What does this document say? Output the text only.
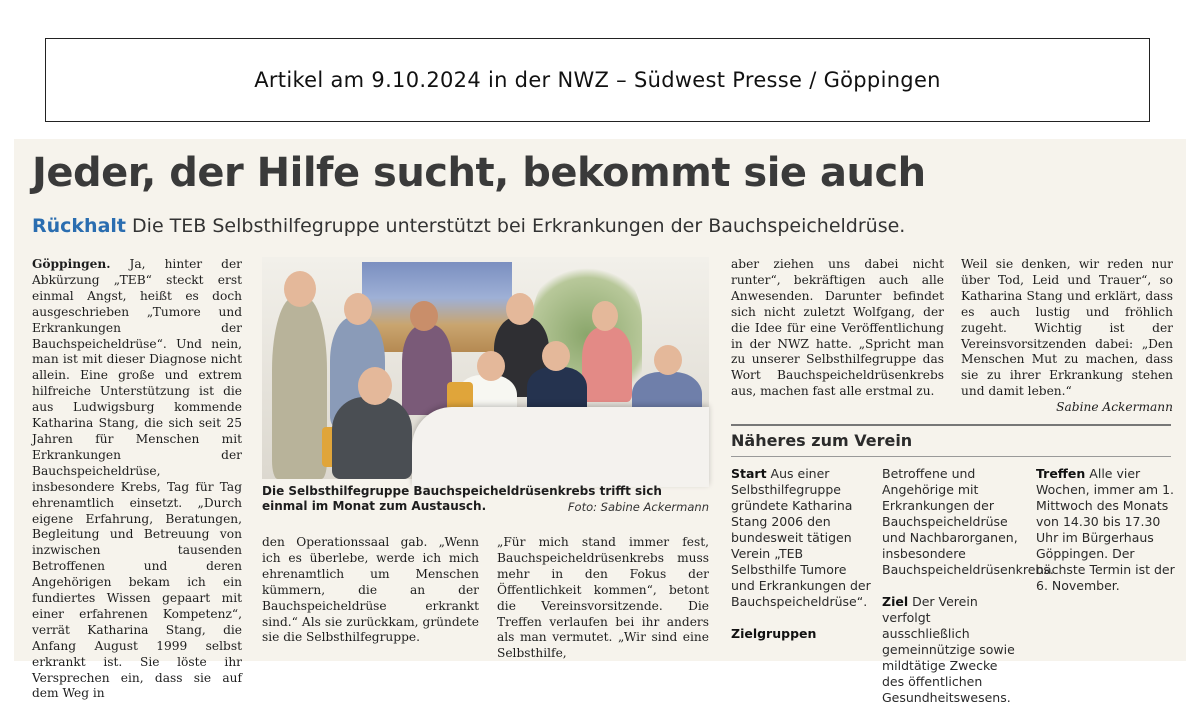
Artikel am 9.10.2024 in der NWZ – Südwest Presse / Göppingen
Jeder, der Hilfe sucht, bekommt sie auch
Rückhalt Die TEB Selbsthilfegruppe unterstützt bei Erkrankungen der Bauchspeicheldrüse.

Göppingen. Ja, hinter der Abkürzung „TEB“ steckt erst einmal Angst, heißt es doch ausgeschrieben „Tumore und Erkrankungen der Bauchspeicheldrüse“. Und nein, man ist mit dieser Diagnose nicht allein. Eine große und extrem hilfreiche Unterstützung ist die aus Ludwigsburg kommende Katharina Stang, die sich seit 25 Jahren für Menschen mit Erkrankungen der Bauchspeicheldrüse, insbesondere Krebs, Tag für Tag ehrenamtlich einsetzt. „Durch eigene Erfahrung, Beratungen, Begleitung und Betreuung von inzwischen tausenden Betroffenen und deren Angehörigen bekam ich ein fundiertes Wissen gepaart mit einer erfahrenen Kompetenz“, verrät Katharina Stang, die Anfang August 1999 selbst erkrankt ist. Sie löste ihr Versprechen ein, dass sie auf dem Weg in

Die Selbsthilfegruppe Bauchspeicheldrüsenkrebs trifft sich einmal im Monat zum Austausch.	Foto: Sabine Ackermann

den Operationssaal gab. „Wenn ich es überlebe, werde ich mich ehrenamtlich um Menschen kümmern, die an der Bauchspeicheldrüse erkrankt sind.“ Als sie zurückkam, gründete sie die Selbsthilfegruppe.

„Für mich stand immer fest, Bauchspeicheldrüsenkrebs muss mehr in den Fokus der Öffentlichkeit kommen“, betont die Vereinsvorsitzende. Die Treffen verlaufen bei ihr anders als man vermutet. „Wir sind eine Selbsthilfe,

aber ziehen uns dabei nicht runter“, bekräftigen auch alle Anwesenden. Darunter befindet sich nicht zuletzt Wolfgang, der die Idee für eine Veröffentlichung in der NWZ hatte. „Spricht man zu unserer Selbsthilfegruppe das Wort Bauchspeicheldrüsenkrebs aus, machen fast alle erstmal zu.

Weil sie denken, wir reden nur über Tod, Leid und Trauer“, so Katharina Stang und erklärt, dass es auch lustig und fröhlich zugeht. Wichtig ist der Vereinsvorsitzenden dabei: „Den Menschen Mut zu machen, dass sie zu ihrer Erkrankung stehen und damit leben.“

Sabine Ackermann

Näheres zum Verein
Start Aus einer Selbsthilfegruppe gründete Katharina Stang 2006 den bundesweit tätigen Verein „TEB Selbsthilfe Tumore und Erkrankungen der Bauchspeicheldrüse“.

Zielgruppen
Betroffene und Angehörige mit Erkrankungen der Bauchspeicheldrüse und Nachbarorganen, insbesondere Bauchspeicheldrüsenkrebs.

Ziel Der Verein verfolgt ausschließlich gemeinnützige sowie mildtätige Zwecke des öffentlichen Gesundheitswesens.
Treffen Alle vier Wochen, immer am 1. Mittwoch des Monats von 14.30 bis 17.30 Uhr im Bürgerhaus Göppingen. Der nächste Termin ist der 6. November.
